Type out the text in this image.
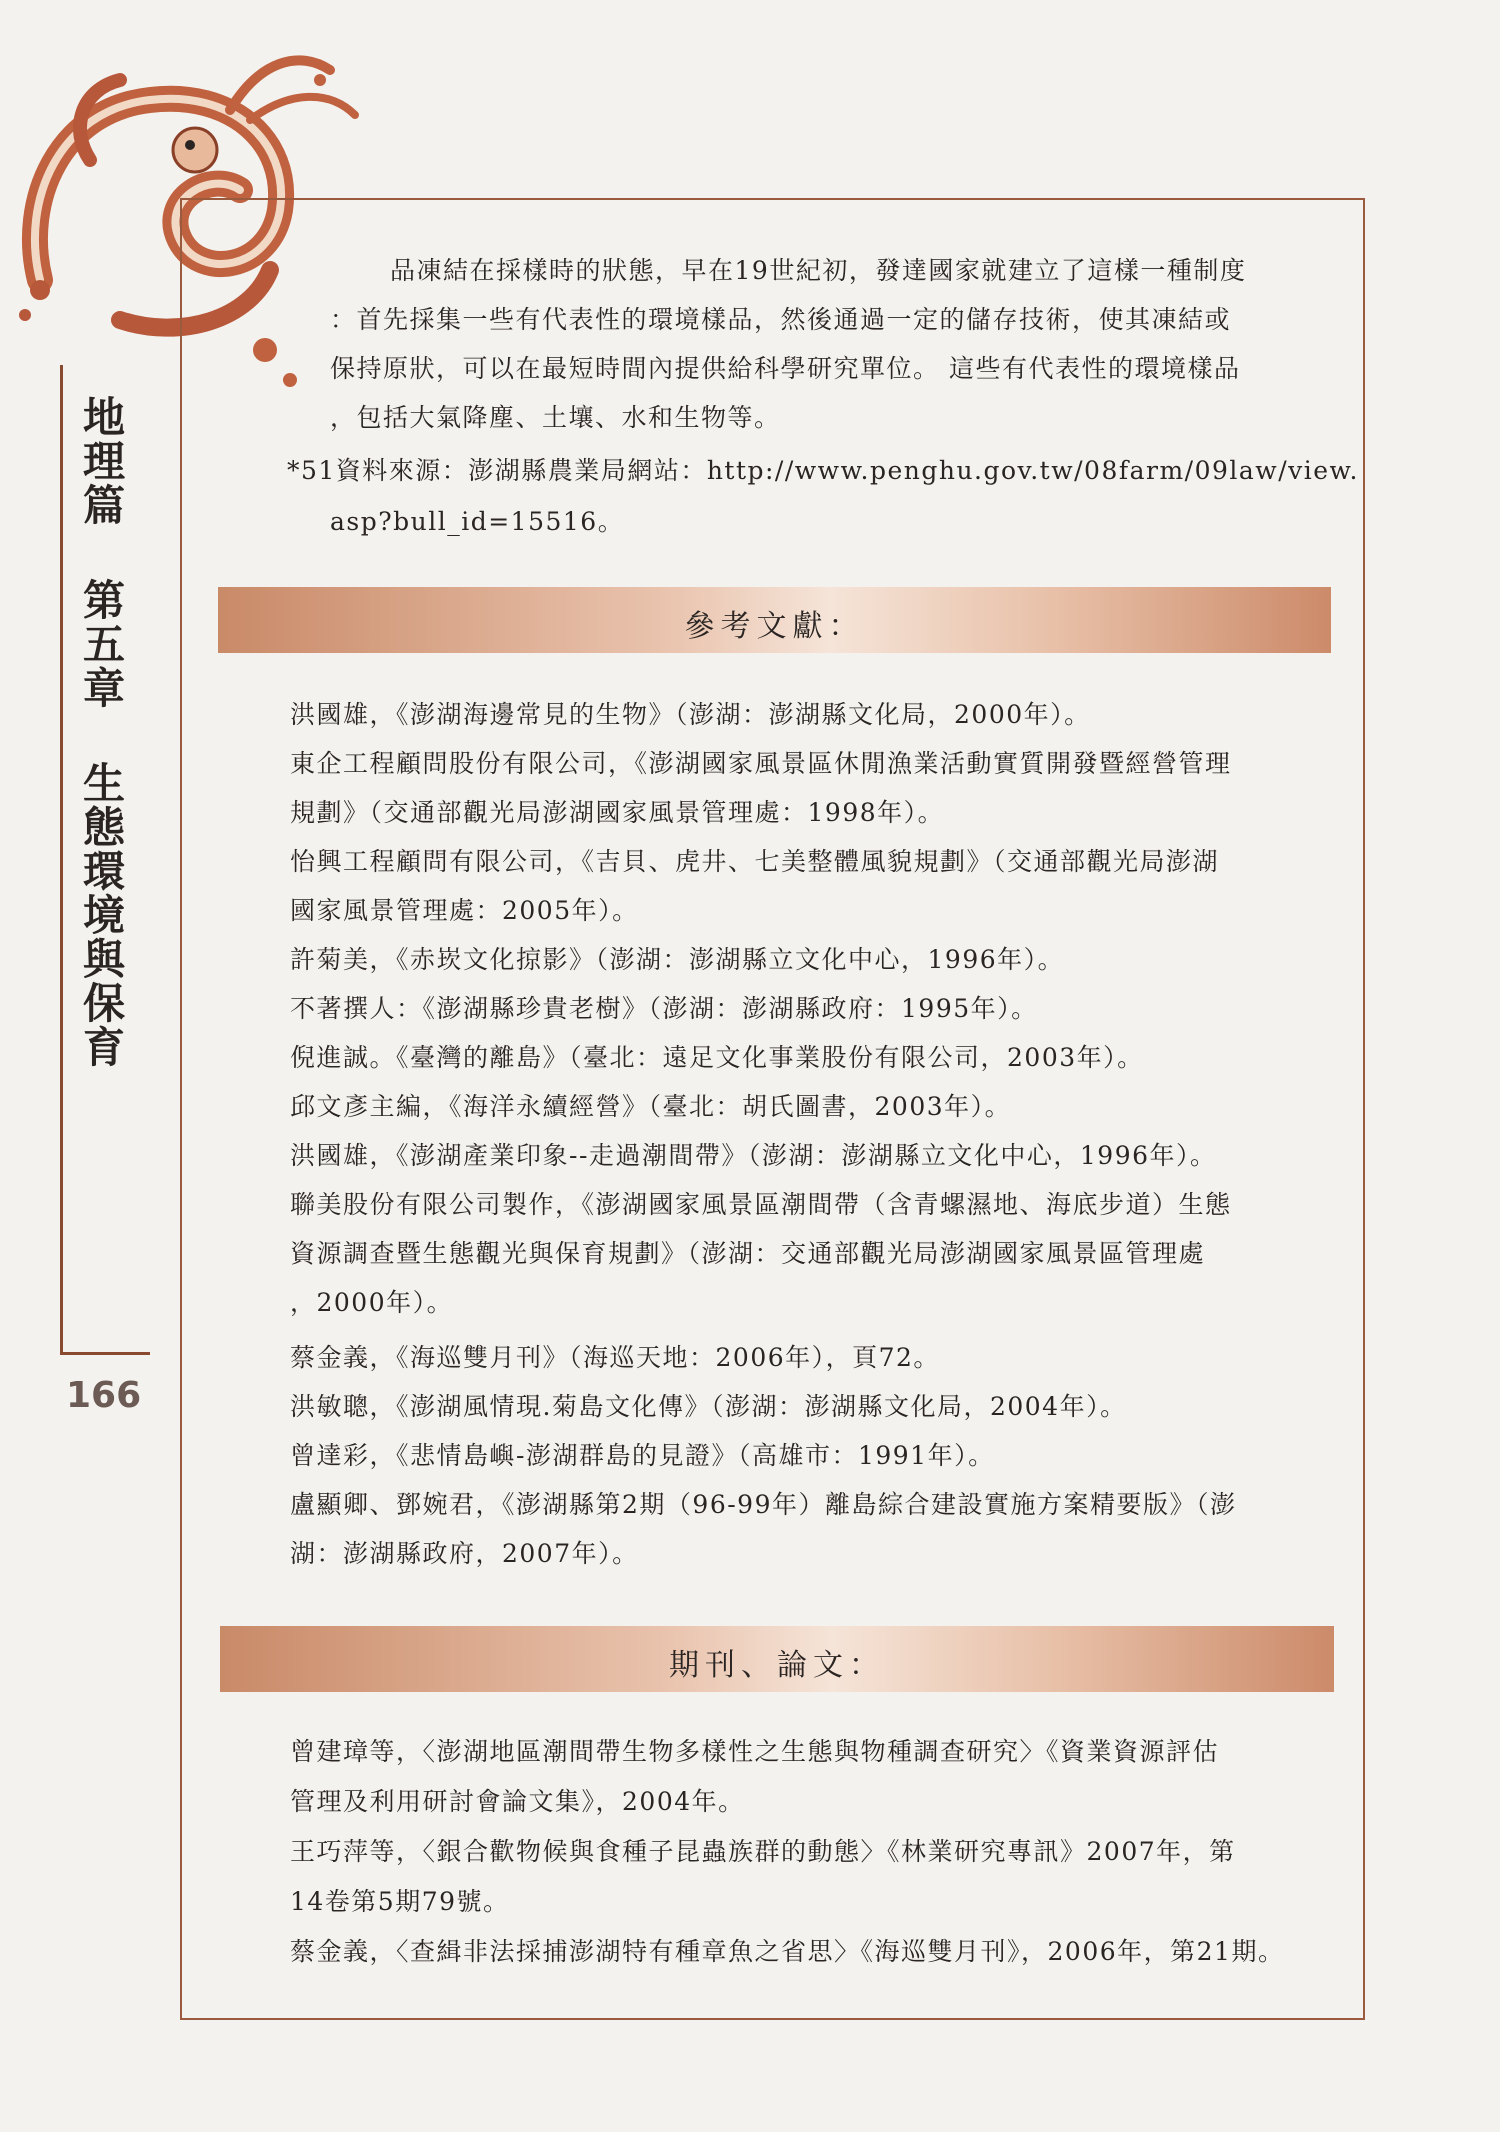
地理篇 第五章 生態環境與保育
166
品凍結在採樣時的狀態，早在19世紀初，發達國家就建立了這樣一種制度
：首先採集一些有代表性的環境樣品，然後通過一定的儲存技術，使其凍結或
保持原狀，可以在最短時間內提供給科學研究單位。 這些有代表性的環境樣品
，包括大氣降塵、土壤、水和生物等。
*51資料來源：澎湖縣農業局網站：http://www.penghu.gov.tw/08farm/09law/view.
asp?bull_id=15516。
參考文獻：
洪國雄，《澎湖海邊常見的生物》（澎湖：澎湖縣文化局，2000年）。
東企工程顧問股份有限公司，《澎湖國家風景區休閒漁業活動實質開發暨經營管理
規劃》（交通部觀光局澎湖國家風景管理處：1998年）。
怡興工程顧問有限公司，《吉貝、虎井、七美整體風貌規劃》（交通部觀光局澎湖
國家風景管理處：2005年）。
許菊美，《赤崁文化掠影》（澎湖：澎湖縣立文化中心，1996年）。
不著撰人：《澎湖縣珍貴老樹》（澎湖：澎湖縣政府：1995年）。
倪進誠。《臺灣的離島》（臺北：遠足文化事業股份有限公司，2003年）。
邱文彥主編，《海洋永續經營》（臺北：胡氏圖書，2003年）。
洪國雄，《澎湖產業印象--走過潮間帶》（澎湖：澎湖縣立文化中心，1996年）。
聯美股份有限公司製作，《澎湖國家風景區潮間帶（含青螺濕地、海底步道）生態
資源調查暨生態觀光與保育規劃》（澎湖：交通部觀光局澎湖國家風景區管理處
，2000年）。
蔡金義，《海巡雙月刊》（海巡天地：2006年），頁72。
洪敏聰，《澎湖風情現.菊島文化傳》（澎湖：澎湖縣文化局，2004年）。
曾達彩，《悲情島嶼-澎湖群島的見證》（高雄市：1991年）。
盧顯卿、鄧婉君，《澎湖縣第2期（96-99年）離島綜合建設實施方案精要版》（澎
湖：澎湖縣政府，2007年）。
期刊、論文：
曾建璋等，〈澎湖地區潮間帶生物多樣性之生態與物種調查研究〉《資業資源評估
管理及利用研討會論文集》，2004年。
王巧萍等，〈銀合歡物候與食種子昆蟲族群的動態〉《林業研究專訊》2007年，第
14卷第5期79號。
蔡金義，〈查緝非法採捕澎湖特有種章魚之省思〉《海巡雙月刊》，2006年，第21期。
